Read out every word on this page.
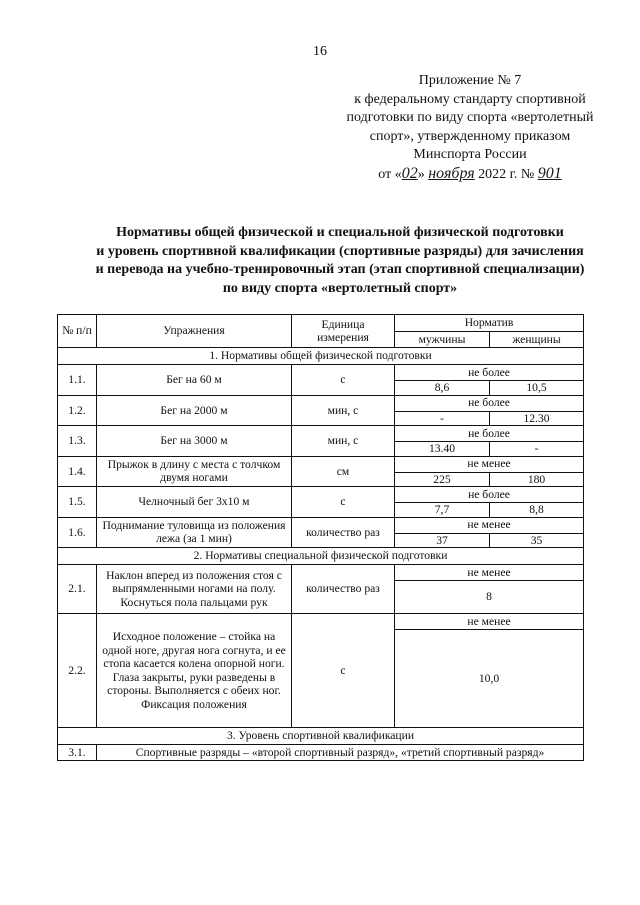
16
Приложение № 7
к федеральному стандарту спортивной
подготовки по виду спорта «вертолетный
спорт», утвержденному приказом
Минспорта России
от «02» ноября 2022 г. № 901
Нормативы общей физической и специальной физической подготовки
и уровень спортивной квалификации (спортивные разряды) для зачисления
и перевода на учебно-тренировочный этап (этап спортивной специализации)
по виду спорта «вертолетный спорт»
№ п/п	Упражнения	Единица измерения	Норматив	
			мужчины	женщины
1. Нормативы общей физической подготовки				
1.1.	Бег на 60 м	с	не более	
			8,6	10,5
1.2.	Бег на 2000 м	мин, с	не более	
			-	12.30
1.3.	Бег на 3000 м	мин, с	не более	
			13.40	-
1.4.	Прыжок в длину с места с толчком двумя ногами	см	не менее	
			225	180
1.5.	Челночный бег 3х10 м	с	не более	
			7,7	8,8
1.6.	Поднимание туловища из положения лежа (за 1 мин)	количество раз	не менее	
			37	35
2. Нормативы специальной физической подготовки				
2.1.	Наклон вперед из положения стоя с выпрямленными ногами на полу. Коснуться пола пальцами рук	количество раз	не менее	
			8	
2.2.	Исходное положение – стойка на одной ноге, другая нога согнута, и ее стопа касается колена опорной ноги. Глаза закрыты, руки разведены в стороны. Выполняется с обеих ног. Фиксация положения	с	не менее	
			10,0	
3. Уровень спортивной квалификации				
3.1.	Спортивные разряды – «второй спортивный разряд», «третий спортивный разряд»			
